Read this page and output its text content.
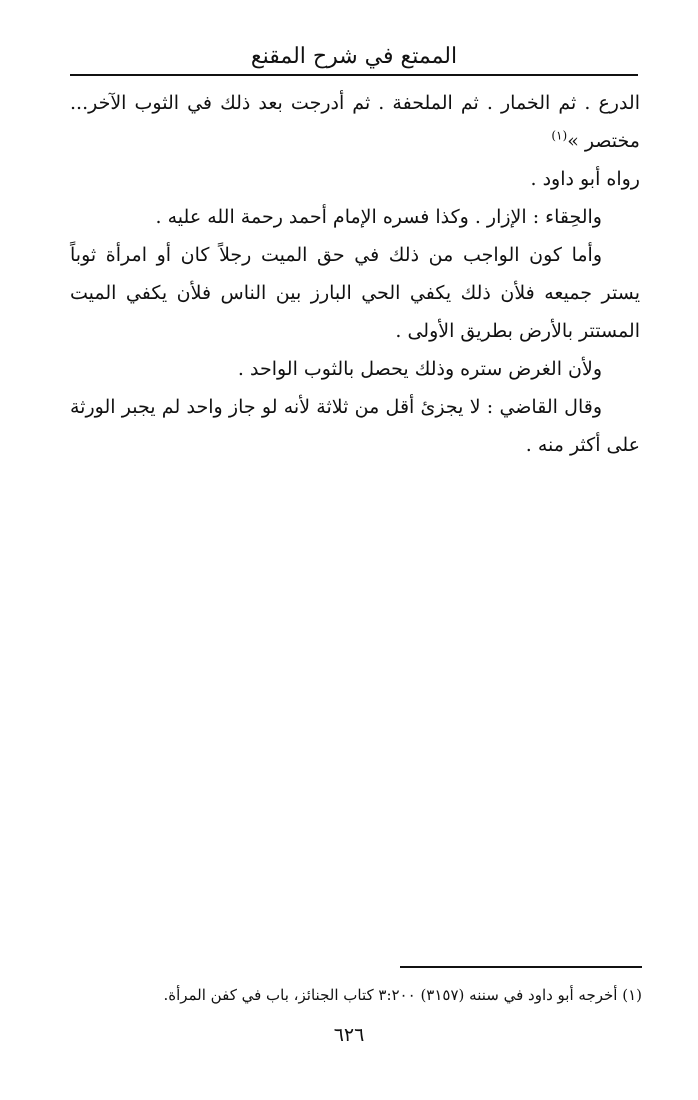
الممتع في شرح المقنع

الدرع . ثم الخمار . ثم الملحفة . ثم أدرجت بعد ذلك في الثوب الآخر... مختصر »$^{(١)}$

رواه أبو داود .

والحِقاء : الإزار . وكذا فسره الإمام أحمد رحمة الله عليه .

وأما كون الواجب من ذلك في حق الميت رجلاً كان أو امرأة ثوباً يستر جميعه فلأن ذلك يكفي الحي البارز بين الناس فلأن يكفي الميت المستتر بالأرض بطريق الأولى .

ولأن الغرض ستره وذلك يحصل بالثوب الواحد .

وقال القاضي : لا يجزئ أقل من ثلاثة لأنه لو جاز واحد لم يجبر الورثة على أكثر منه .

(١) أخرجه أبو داود في سننه (٣١٥٧) ٣:٢٠٠ كتاب الجنائز، باب في كفن المرأة.
٦٢٦
